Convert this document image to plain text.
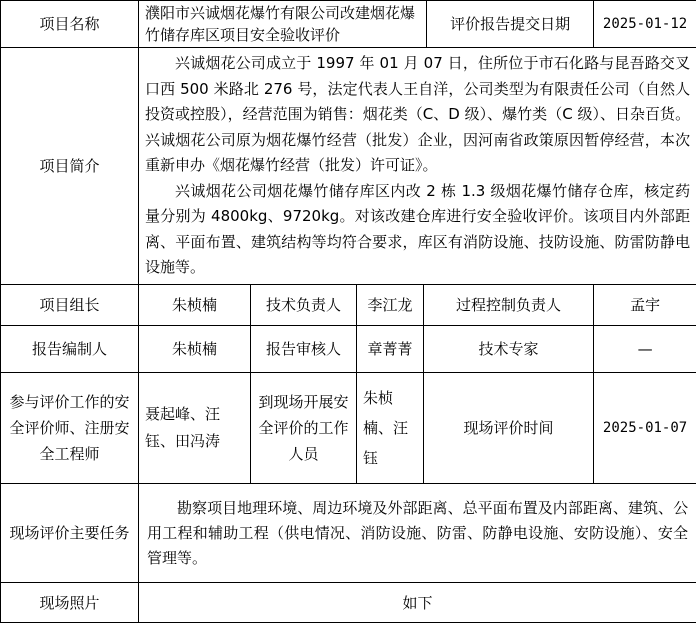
项目名称	濮阳市兴诚烟花爆竹有限公司改建烟花爆竹储存库区项目安全验收评价				评价报告提交日期	2025-01-12
项目简介	兴诚烟花公司成立于 1997 年 01 月 07 日，住所位于市石化路与昆吾路交叉口西 500 米路北 276 号，法定代表人王自洋，公司类型为有限责任公司（自然人投资或控股），经营范围为销售：烟花类（C、D 级）、爆竹类（C 级）、日杂百货。兴诚烟花公司原为烟花爆竹经营（批发）企业，因河南省政策原因暂停经营，本次重新申办《烟花爆竹经营（批发）许可证》。

兴诚烟花公司烟花爆竹储存库区内改 2 栋 1.3 级烟花爆竹储存仓库，核定药量分别为 4800kg、9720kg。对该改建仓库进行安全验收评价。该项目内外部距离、平面布置、建筑结构等均符合要求，库区有消防设施、技防设施、防雷防静电设施等。					

项目组长	朱桢楠	技术负责人	李江龙	过程控制负责人		孟宇
报告编制人	朱桢楠	报告审核人	章菁菁	技术专家		—
参与评价工作的安全评价师、注册安全工程师	聂起峰、汪钰、田冯涛	到现场开展安全评价的工作人员	朱桢楠、汪钰	现场评价时间		2025-01-07
现场评价主要任务	勘察项目地理环境、周边环境及外部距离、总平面布置及内部距离、建筑、公用工程和辅助工程（供电情况、消防设施、防雷、防静电设施、安防设施）、安全管理等。					

现场照片	如下					
